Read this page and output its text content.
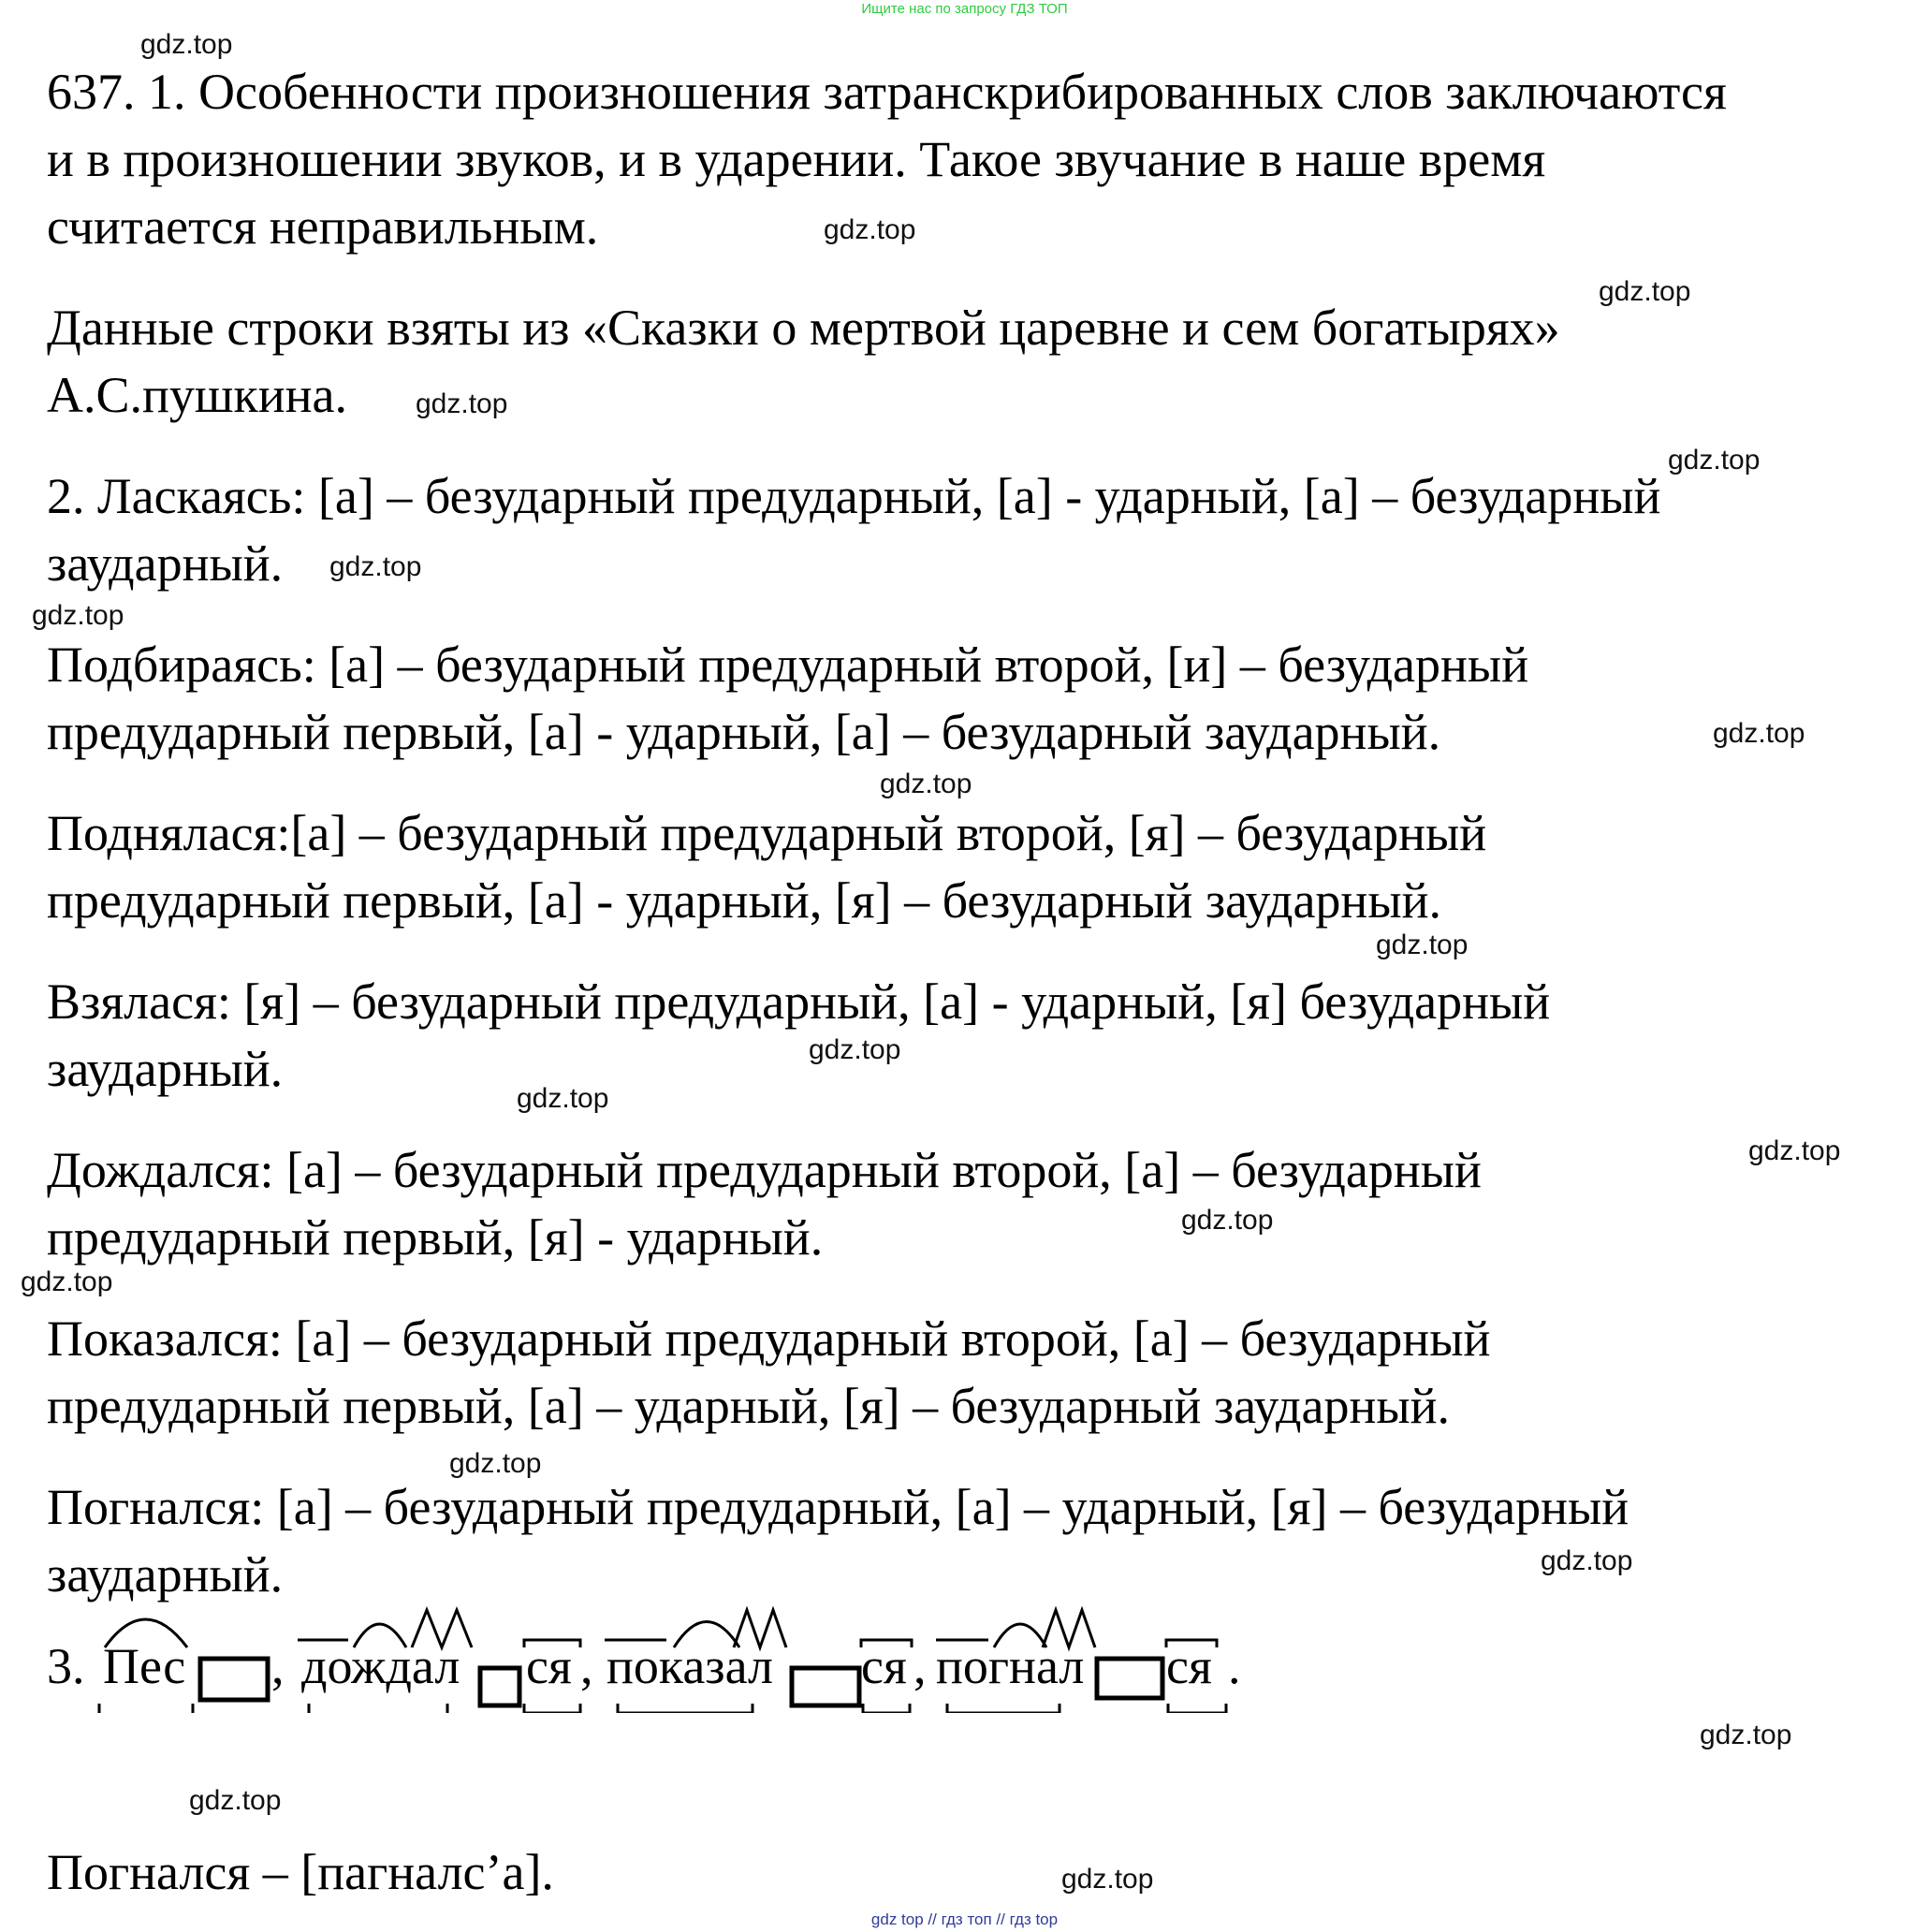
Ищите нас по запросу ГДЗ ТОП

637. 1. Особенности произношения затранскрибированных слов заключаются

и в произношении звуков, и в ударении. Такое звучание в наше время

считается неправильным.

Данные строки взяты из «Сказки о мертвой царевне и сем богатырях»

А.С.пушкина.

2. Ласкаясь: [а] – безударный предударный, [а] - ударный, [а] – безударный

заударный.

Подбираясь: [а] – безударный предударный второй, [и] – безударный

предударный первый, [а] - ударный, [а] – безударный заударный.

Поднялася:[а] – безударный предударный второй, [я] – безударный

предударный первый, [а] - ударный, [я] – безударный заударный.

Взялася: [я] – безударный предударный, [а] - ударный, [я] безударный

заударный.

Дождался: [а] – безударный предударный второй, [а] – безударный

предударный первый, [я] - ударный.

Показался: [а] – безударный предударный второй, [а] – безударный

предударный первый, [а] – ударный, [я] – безударный заударный.

Погнался: [а] – безударный предударный, [а] – ударный, [я] – безударный

заударный.

3. Пес , дождал ся , показал ся , погнал ся .

Погнался – [пагналс’а].

gdz.top
gdz.top
gdz.top
gdz.top
gdz.top
gdz.top
gdz.top
gdz.top
gdz.top
gdz.top
gdz.top
gdz.top
gdz.top
gdz.top
gdz.top
gdz.top
gdz.top
gdz.top
gdz.top
gdz.top
gdz top // гдз топ // гдз top
